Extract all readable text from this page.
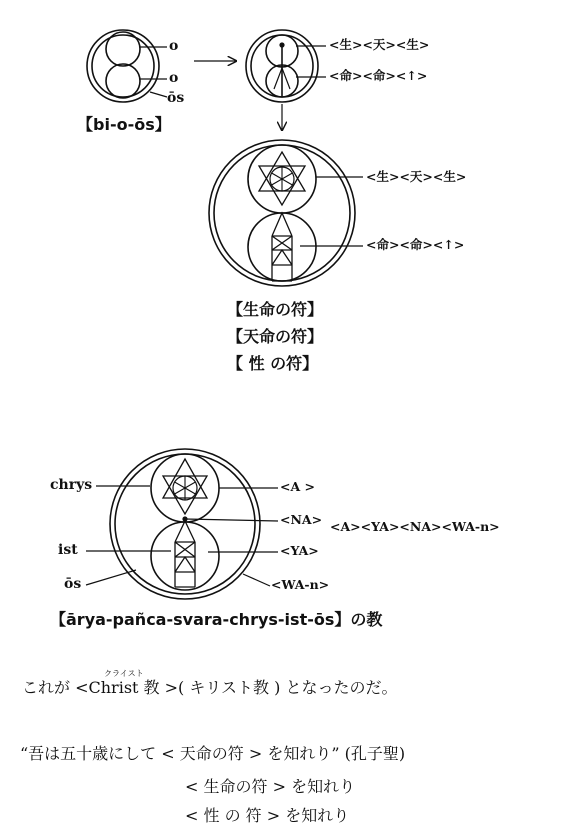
o
o
ōs
【bi-o-ōs】
<生><天><生>
<命><命><↑>
<生><天><生>
<命><命><↑>
【生命の符】
【天命の符】
【 性 の符】
chrys
ist
ōs
<A >
<NA>
<YA>
<WA-n>
<A><YA><NA><WA-n>
【ārya-pañca-svara-chrys-ist-ōs】の教
クライスト
これが <Christ 教 >( キリスト教 ) となったのだ。
“吾は五十歳にして < 天命の符 > を知れり” (孔子聖)
< 生命の符 > を知れり
< 性 の 符 > を知れり
